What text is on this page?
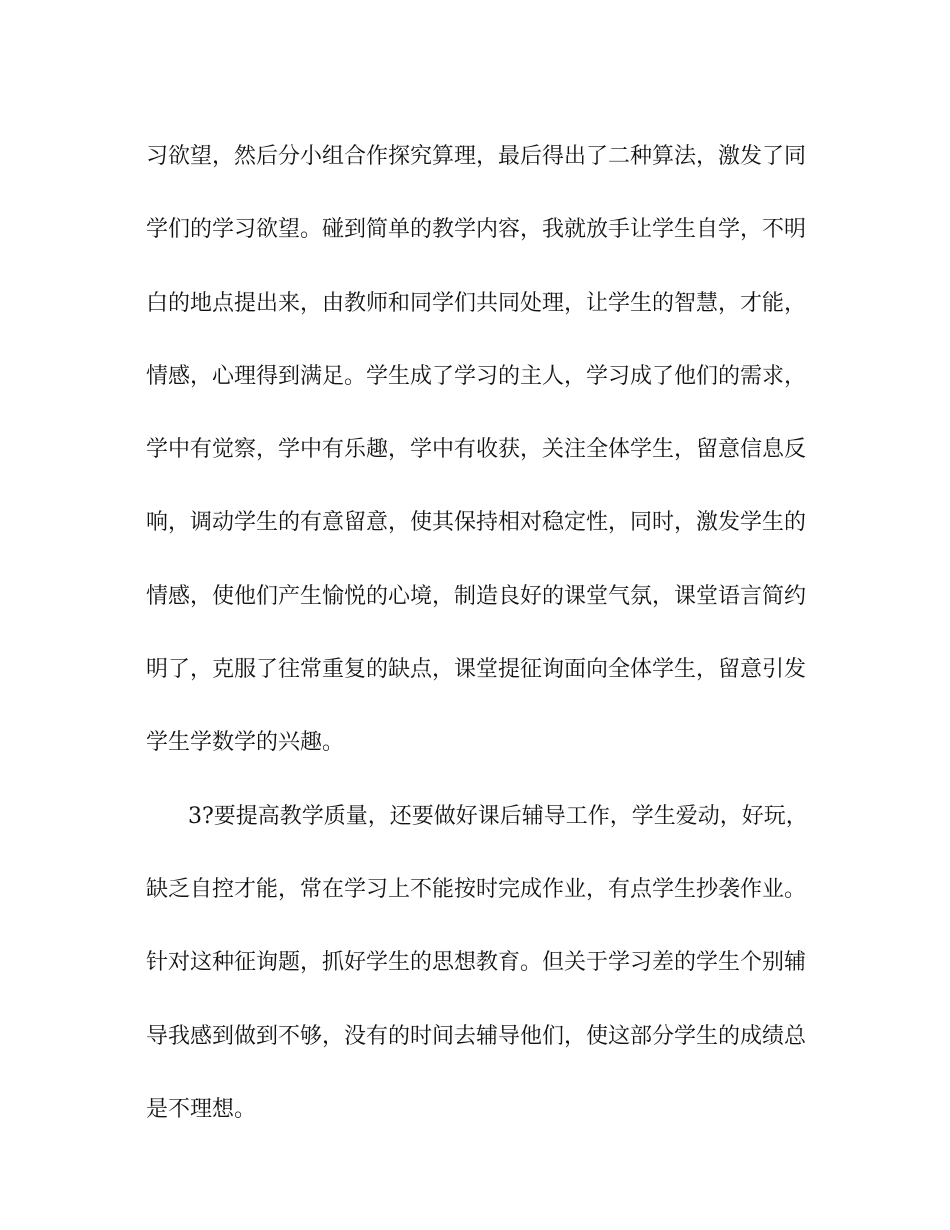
习欲望，然后分小组合作探究算理，最后得出了二种算法，激发了同
学们的学习欲望。碰到简单的教学内容，我就放手让学生自学，不明
白的地点提出来，由教师和同学们共同处理，让学生的智慧，才能，
情感，心理得到满足。学生成了学习的主人，学习成了他们的需求，
学中有觉察，学中有乐趣，学中有收获，关注全体学生，留意信息反
响，调动学生的有意留意，使其保持相对稳定性，同时，激发学生的
情感，使他们产生愉悦的心境，制造良好的课堂气氛，课堂语言简约
明了，克服了往常重复的缺点，课堂提征询面向全体学生，留意引发
学生学数学的兴趣。
3?要提高教学质量，还要做好课后辅导工作，学生爱动，好玩，
缺乏自控才能，常在学习上不能按时完成作业，有点学生抄袭作业。
针对这种征询题，抓好学生的思想教育。但关于学习差的学生个别辅
导我感到做到不够，没有的时间去辅导他们，使这部分学生的成绩总
是不理想。
